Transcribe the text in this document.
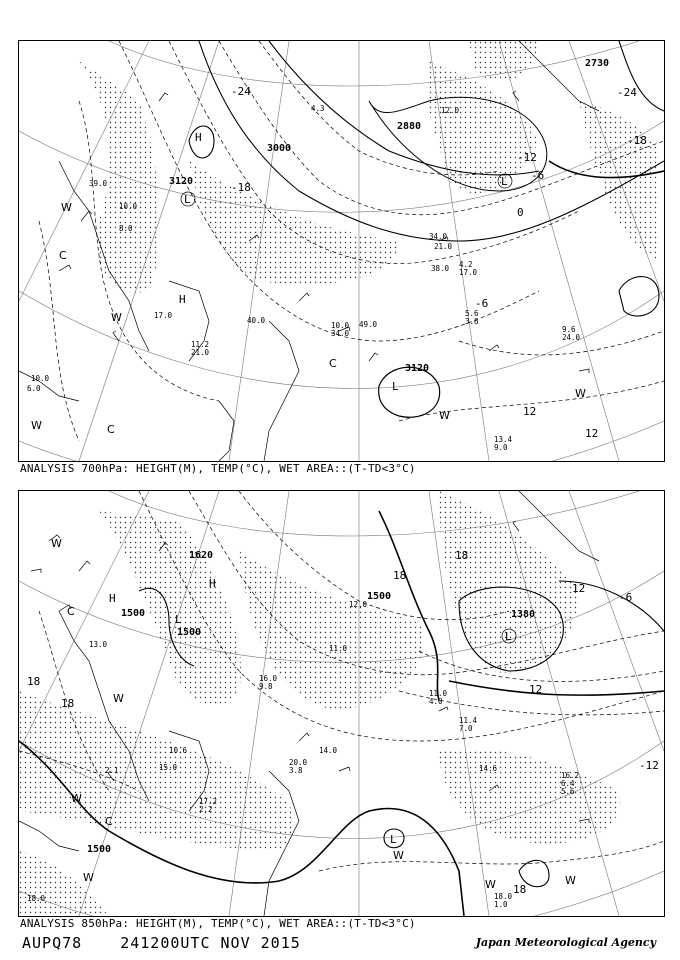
3000
3120
3120
2880
2730
-24	-24
-18
-6
0
-6
12
12
-12
-18
H
L
L
H
L
C
C
C
W
W
W
W
W
10.0 49.0
34.0
40.0
9.6
24.0
13.4
9.0
11.2
21.0
17.0	5.6
3.6
4.2
17.0
38.0
21.0
34.0
10.0
8.0
39.0
6.0
10.0
4.3	12.0
ANALYSIS 700hPa: HEIGHT(M), TEMP(°C), WET AREA::(T-TD<3°C)
1500
1500
1500
1500
1380
1620
18
18
12
12
18
18
-12
-6
18
H
L
L
L
H
C
C
W
W
W
W
W
W	W
13.0
11.4
7.0
14.6
6.4
16.2
5.6
17.2
2.2
18.0
1.0
15.0	3.8
20.0
14.0
11.0
4.0
10.6
2.1
12.0
16.0
9.8
11.0
18.0
ANALYSIS 850hPa: HEIGHT(M), TEMP(°C), WET AREA::(T-TD<3°C)
AUPQ78	241200UTC NOV 2015	Japan Meteorological Agency
